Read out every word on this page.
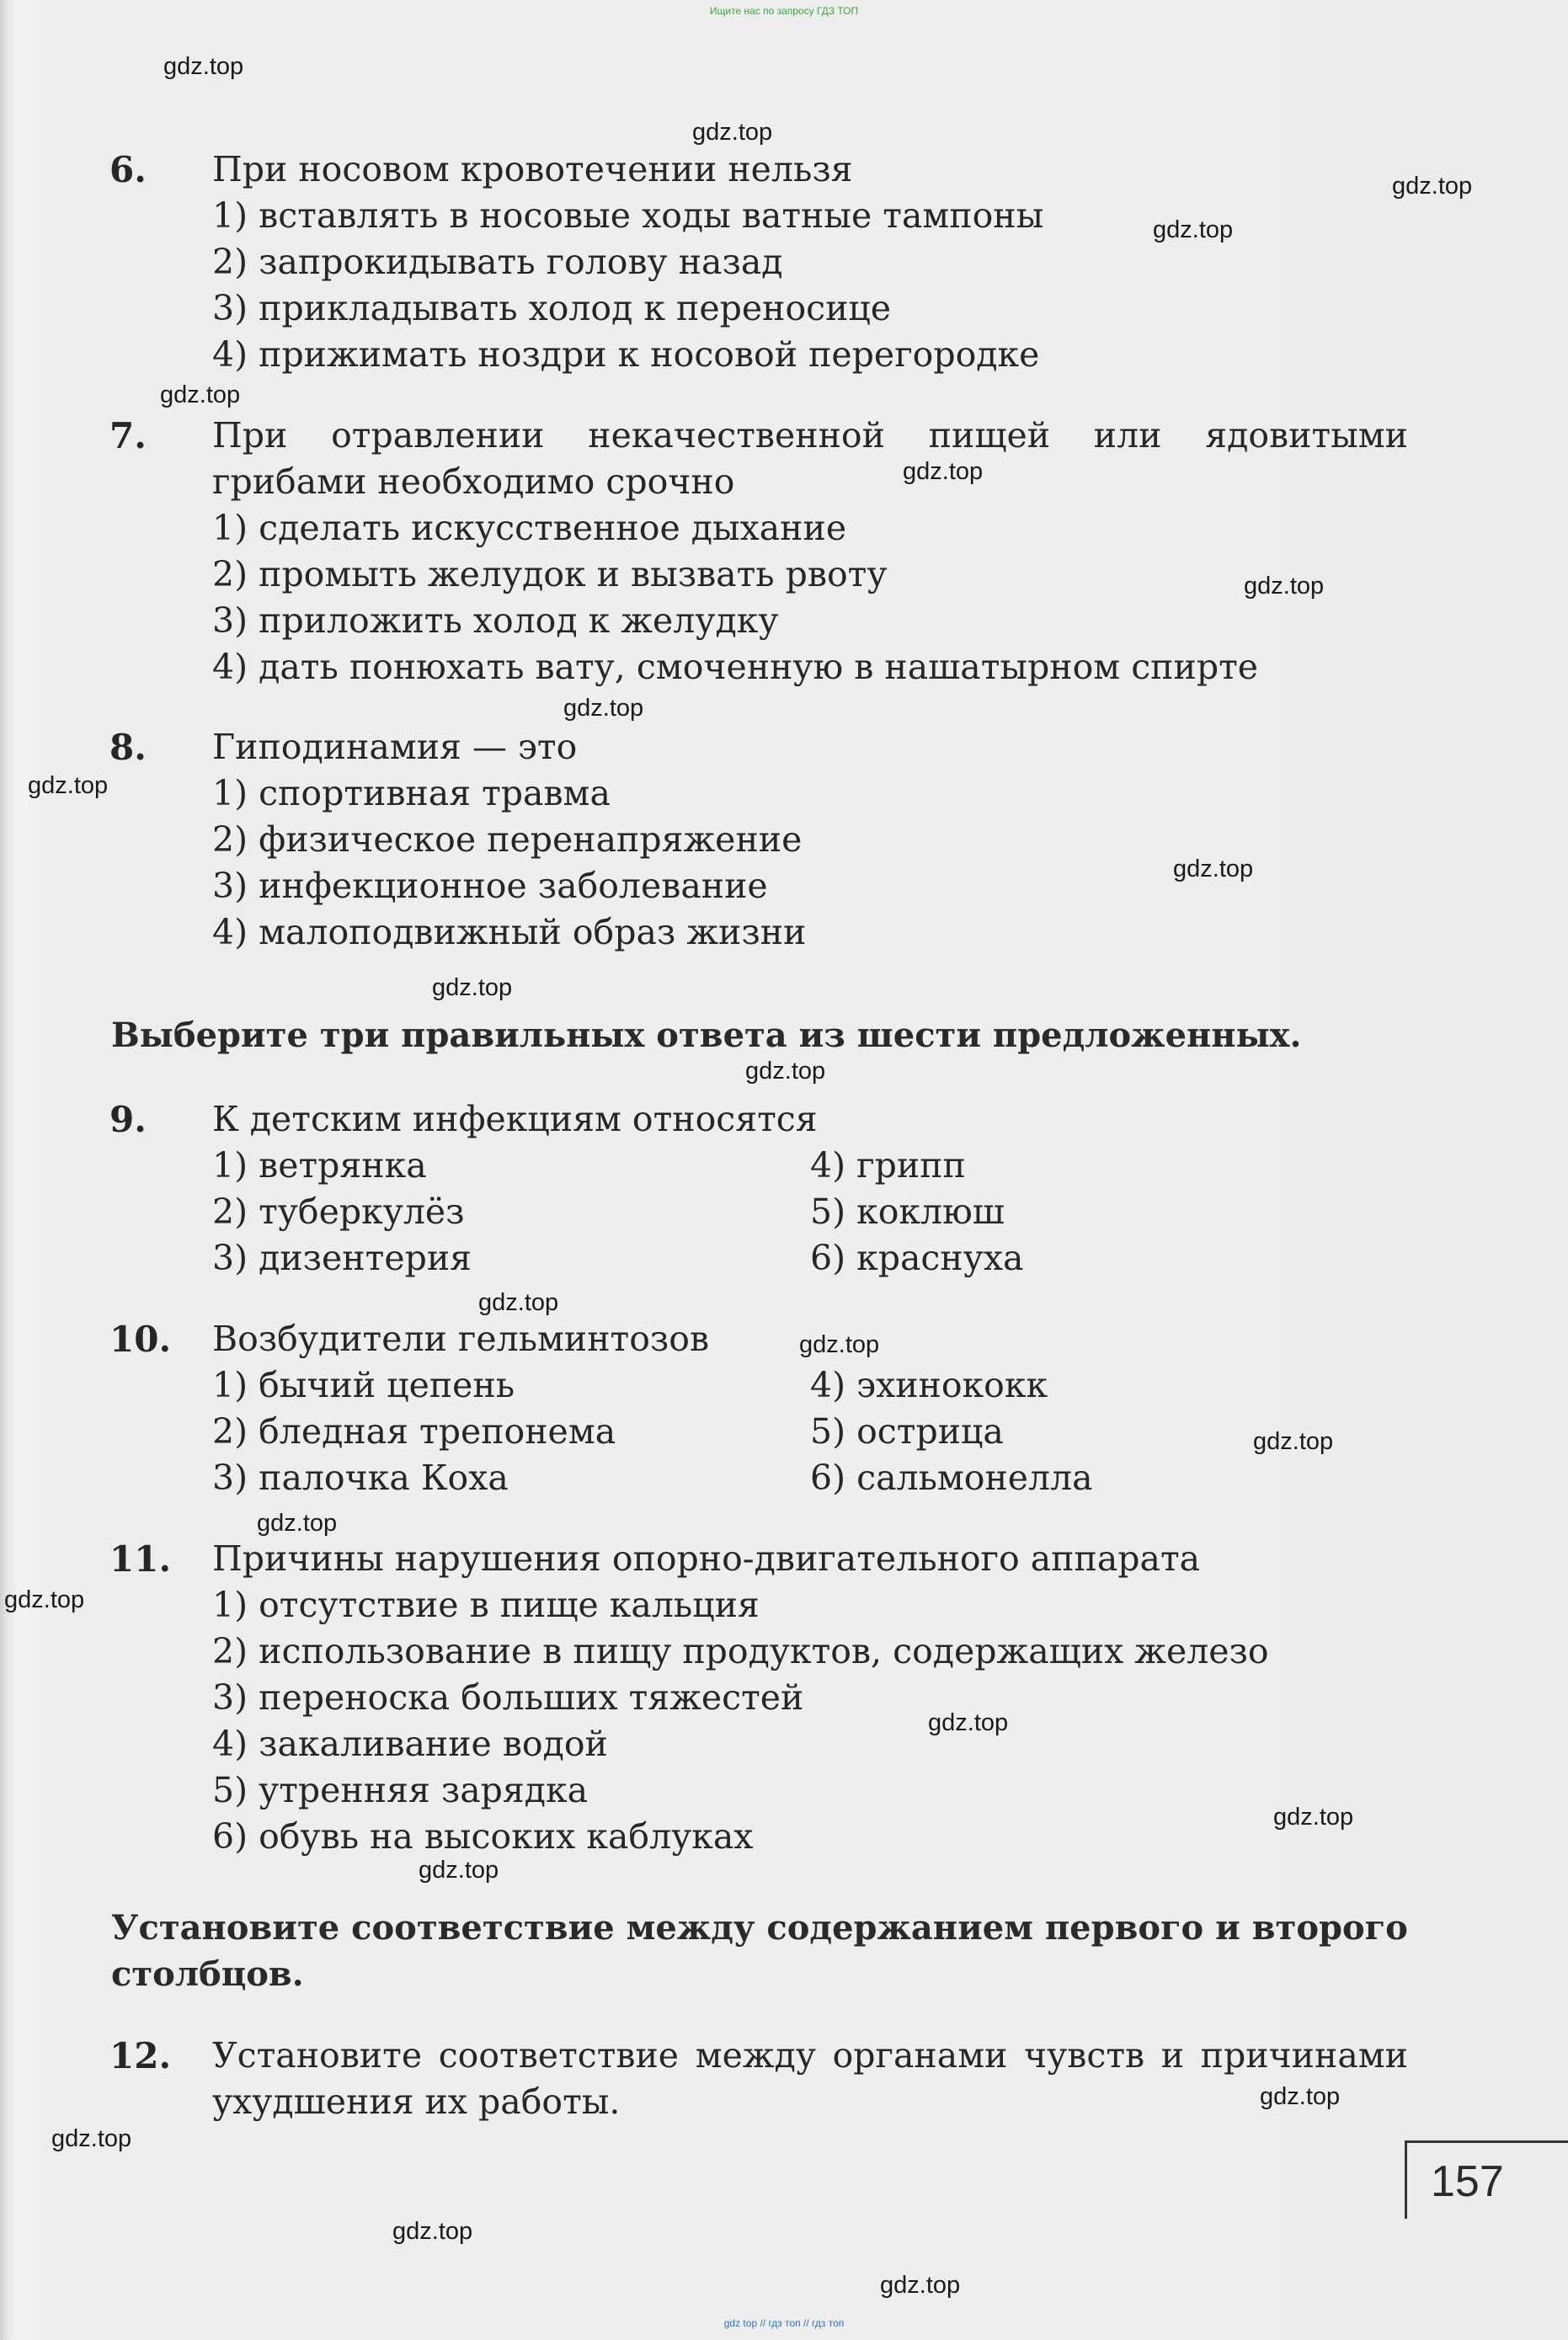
Ищите нас по запросу ГДЗ ТОП
6. При носовом кровотечении нельзя
1) вставлять в носовые ходы ватные тампоны
2) запрокидывать голову назад
3) прикладывать холод к переносице
4) прижимать ноздри к носовой перегородке
7. При отравлении некачественной пищей или ядовитыми грибами необходимо срочно
1) сделать искусственное дыхание
2) промыть желудок и вызвать рвоту
3) приложить холод к желудку
4) дать понюхать вату, смоченную в нашатырном спирте
8. Гиподинамия — это
1) спортивная травма
2) физическое перенапряжение
3) инфекционное заболевание
4) малоподвижный образ жизни
Выберите три правильных ответа из шести предложенных.
9. К детским инфекциям относятся
1) ветрянка	4) грипп
2) туберкулёз	5) коклюш
3) дизентерия	6) краснуха
10. Возбудители гельминтозов
1) бычий цепень	4) эхинококк
2) бледная трепонема	5) острица
3) палочка Коха	6) сальмонелла
11. Причины нарушения опорно-двигательного аппарата
1) отсутствие в пище кальция
2) использование в пищу продуктов, содержащих железо
3) переноска больших тяжестей
4) закаливание водой
5) утренняя зарядка
6) обувь на высоких каблуках
Установите соответствие между содержанием первого и второго столбцов.
12. Установите соответствие между органами чувств и причинами ухудшения их работы.
157
gdz.top
gdz.top
gdz.top
gdz.top
gdz.top
gdz.top
gdz.top
gdz.top
gdz.top
gdz.top
gdz.top
gdz.top
gdz.top
gdz.top
gdz.top
gdz.top
gdz.top
gdz.top
gdz.top
gdz.top
gdz.top
gdz.top
gdz.top
gdz.top
gdz top // гдз топ // гдз топ
